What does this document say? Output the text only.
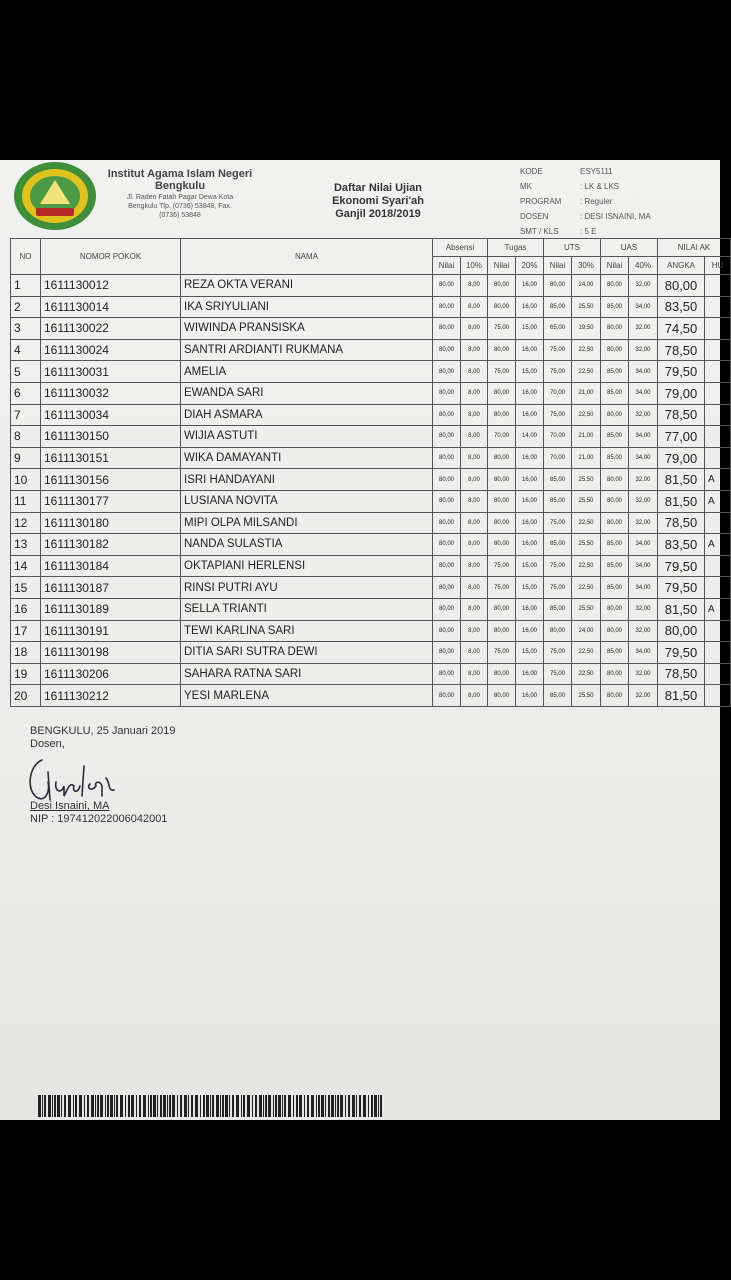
Institut Agama Islam Negeri
Bengkulu
Jl. Raden Fatah Pagar Dewa Kota
Bengkulu Tlp. (0736) 53848, Fax.
(0736) 53848
Daftar Nilai Ujian
Ekonomi Syari'ah
Ganjil 2018/2019
KODE	ESY5111
MK	: LK & LKS
PROGRAM	: Reguler
DOSEN	: DESI ISNAINI, MA
SMT / KLS	: 5 E
NO	NOMOR POKOK	NAMA	Absensi		Tugas		UTS		UAS		NILAI AK	
			Nilai	10%	Nilai	20%	Nilai	30%	Nilai	40%	ANGKA	HU
1	1611130012	REZA OKTA VERANI	80,00	8,00	80,00	16,00	80,00	24,00	80,00	32,00	80,00	
2	1611130014	IKA SRIYULIANI	80,00	8,00	80,00	16,00	85,00	25,50	85,00	34,00	83,50	
3	1611130022	WIWINDA PRANSISKA	80,00	8,00	75,00	15,00	65,00	19,50	80,00	32,00	74,50	
4	1611130024	SANTRI ARDIANTI RUKMANA	80,00	8,00	80,00	16,00	75,00	22,50	80,00	32,00	78,50	
5	1611130031	AMELIA	80,00	8,00	75,00	15,00	75,00	22,50	85,00	34,00	79,50	
6	1611130032	EWANDA SARI	80,00	8,00	80,00	16,00	70,00	21,00	85,00	34,00	79,00	
7	1611130034	DIAH ASMARA	80,00	8,00	80,00	16,00	75,00	22,50	80,00	32,00	78,50	
8	1611130150	WIJIA ASTUTI	80,00	8,00	70,00	14,00	70,00	21,00	85,00	34,00	77,00	
9	1611130151	WIKA DAMAYANTI	80,00	8,00	80,00	16,00	70,00	21,00	85,00	34,00	79,00	
10	1611130156	ISRI HANDAYANI	80,00	8,00	80,00	16,00	85,00	25,50	80,00	32,00	81,50	A
11	1611130177	LUSIANA NOVITA	80,00	8,00	80,00	16,00	85,00	25,50	80,00	32,00	81,50	A
12	1611130180	MIPI OLPA MILSANDI	80,00	8,00	80,00	16,00	75,00	22,50	80,00	32,00	78,50	
13	1611130182	NANDA SULASTIA	80,00	8,00	80,00	16,00	85,00	25,50	85,00	34,00	83,50	A
14	1611130184	OKTAPIANI HERLENSI	80,00	8,00	75,00	15,00	75,00	22,50	85,00	34,00	79,50	
15	1611130187	RINSI PUTRI AYU	80,00	8,00	75,00	15,00	75,00	22,50	85,00	34,00	79,50	
16	1611130189	SELLA TRIANTI	80,00	8,00	80,00	16,00	85,00	25,50	80,00	32,00	81,50	A
17	1611130191	TEWI KARLINA SARI	80,00	8,00	80,00	16,00	80,00	24,00	80,00	32,00	80,00	
18	1611130198	DITIA SARI SUTRA DEWI	80,00	8,00	75,00	15,00	75,00	22,50	85,00	34,00	79,50	
19	1611130206	SAHARA RATNA SARI	80,00	8,00	80,00	16,00	75,00	22,50	80,00	32,00	78,50	
20	1611130212	YESI MARLENA	80,00	8,00	80,00	16,00	85,00	25,50	80,00	32,00	81,50	
BENGKULU, 25 Januari 2019
Dosen,
Desi Isnaini, MA
NIP : 197412022006042001
